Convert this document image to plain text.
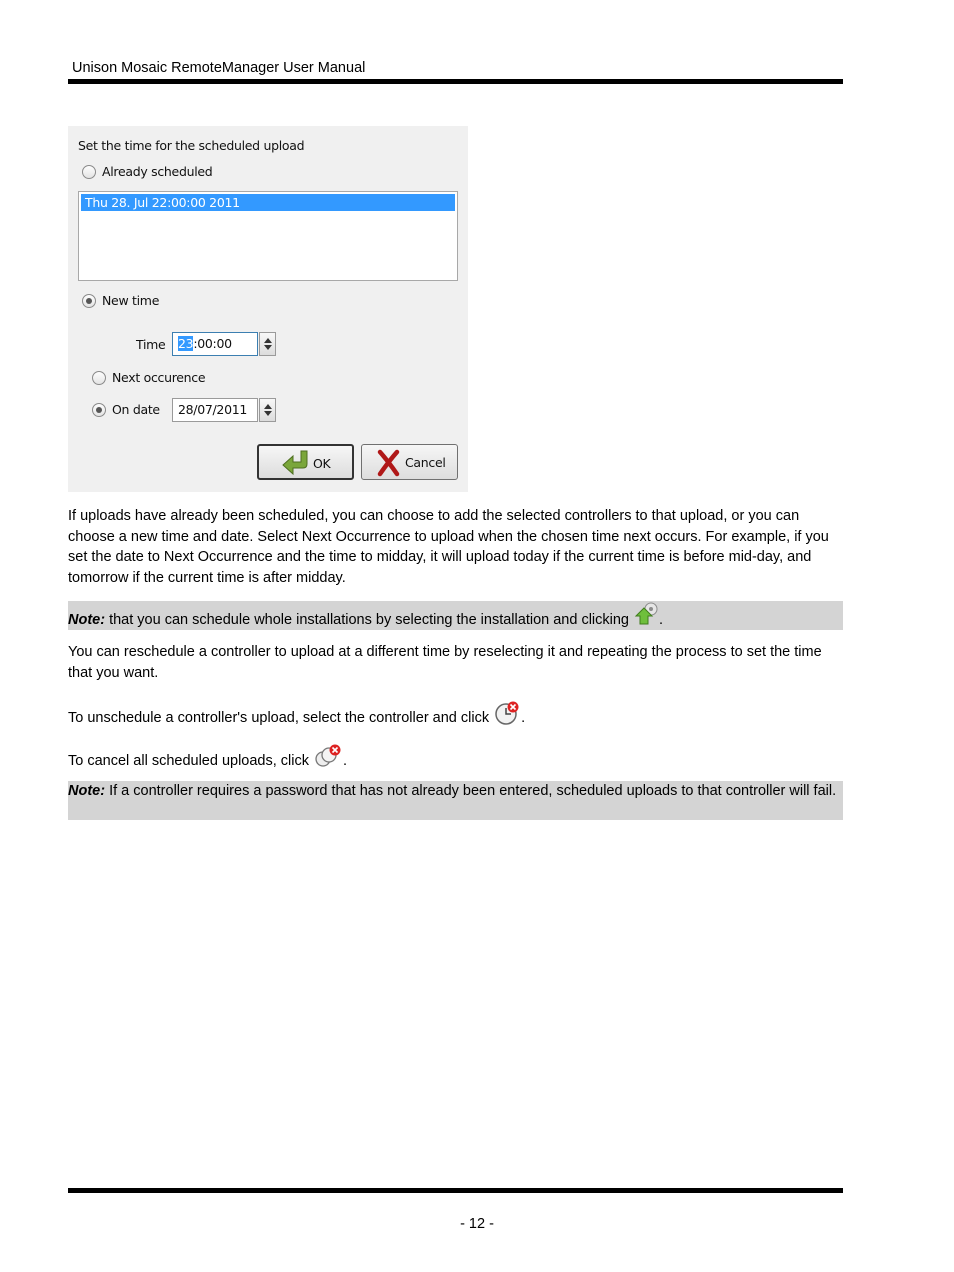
Unison Mosaic RemoteManager User Manual
Set the time for the scheduled upload
Already scheduled
Thu 28. Jul 22:00:00 2011
New time
Time	23:00:00
Next occurence
On date	28/07/2011
OK	Cancel
If uploads have already been scheduled, you can choose to add the selected controllers to that upload, or you can choose a new time and date. Select Next Occurrence to upload when the chosen time next occurs. For example, if you set the date to Next Occurrence and the time to midday, it will upload today if the current time is before mid-day, and tomorrow if the current time is after midday.
Note: that you can schedule whole installations by selecting the installation and clicking .
You can reschedule a controller to upload at a different time by reselecting it and repeating the process to set the time that you want.
To unschedule a controller's upload, select the controller and click .
To cancel all scheduled uploads, click .
Note: If a controller requires a password that has not already been entered, scheduled uploads to that controller will fail.
- 12 -
